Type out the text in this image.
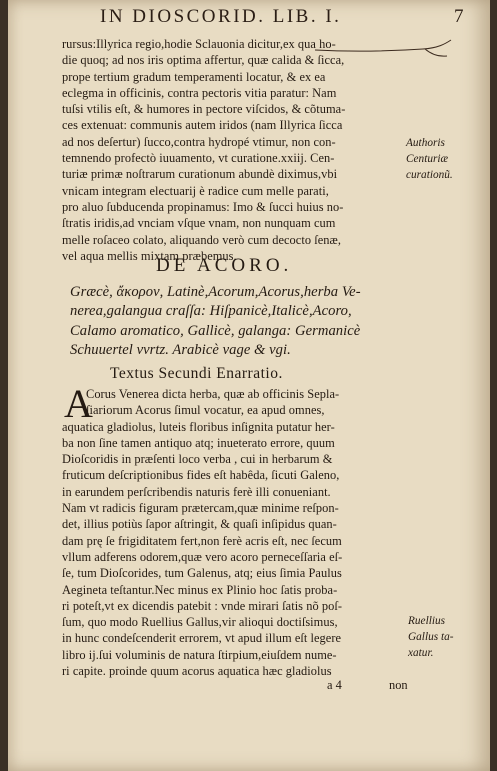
IN DIOSCORID. LIB. I.	7
rursus:Illyrica regio,hodie Sclauonia dicitur,ex qua ho-
die quoq; ad nos iris optima affertur, quæ calida & ſicca,
prope tertium gradum temperamenti locatur, & ex ea
eclegma in officinis, contra pectoris vitia paratur: Nam
tuſsi vtilis eſt, & humores in pectore viſcidos, & cõtuma-
ces extenuat: communis autem iridos (nam Illyrica ſicca
ad nos deſertur) ſucco,contra hydropé vtimur, non con-
temnendo profectò iuuamento, vt curatione.xxiij. Cen-
turiæ primæ noſtrarum curationum abundè diximus,vbi
vnicam integram electuarij è radice cum melle parati,
pro aluo ſubducenda propinamus: Imo & ſucci huius no-
ſtratis iridis,ad vnciam vſque vnam, non nunquam cum
melle roſaceo colato, aliquando verò cum decocto ſenæ,
vel aqua mellis mixtam præbemus.
Authoris
Centuriæ
curationũ.
DE ACORO.
Græcè, ἄκορον, Latinè,Acorum,Acorus,herba Ve-
nerea,galangua craſſa: Hiſpanicè,Italicè,Acoro,
Calamo aromatico, Gallicè, galanga: Germanicè
Schuuertel vvrtz. Arabicè vage & vgi.
Textus Secundi Enarratio.
A
Corus Venerea dicta herba, quæ ab officinis Sepla-
ſiariorum Acorus ſimul vocatur, ea apud omnes,
aquatica gladiolus, luteis floribus inſignita putatur her-
ba non ſine tamen antiquo atq; inueterato errore, quum
Dioſcoridis in præſenti loco verba , cui in herbarum &
fruticum deſcriptionibus fides eſt habêda, ſicuti Galeno,
in earundem perſcribendis naturis ferè illi conueniant.
Nam vt radicis figuram prætercam,quæ minime reſpon-
det, illius potiùs ſapor aſtringit, & quaſi inſipidus quan-
dam prę ſe frigiditatem fert,non ferè acris eſt, nec ſecum
vllum adferens odorem,quæ vero acoro perneceſſaria eſ-
ſe, tum Dioſcorides, tum Galenus, atq; eius ſimia Paulus
Aegineta teſtantur.Nec minus ex Plinio hoc ſatis proba-
ri poteſt,vt ex dicendis patebit : vnde mirari ſatis nõ poſ-
ſum, quo modo Ruellius Gallus,vir alioqui doctiſsimus,
in hunc condeſcenderit errorem, vt apud illum eſt legere
libro ij.ſui voluminis de natura ſtirpium,eiuſdem nume-
ri capite. proinde quum acorus aquatica hæc gladiolus
Ruellius
Gallus ta-
xatur.
a 4	non
